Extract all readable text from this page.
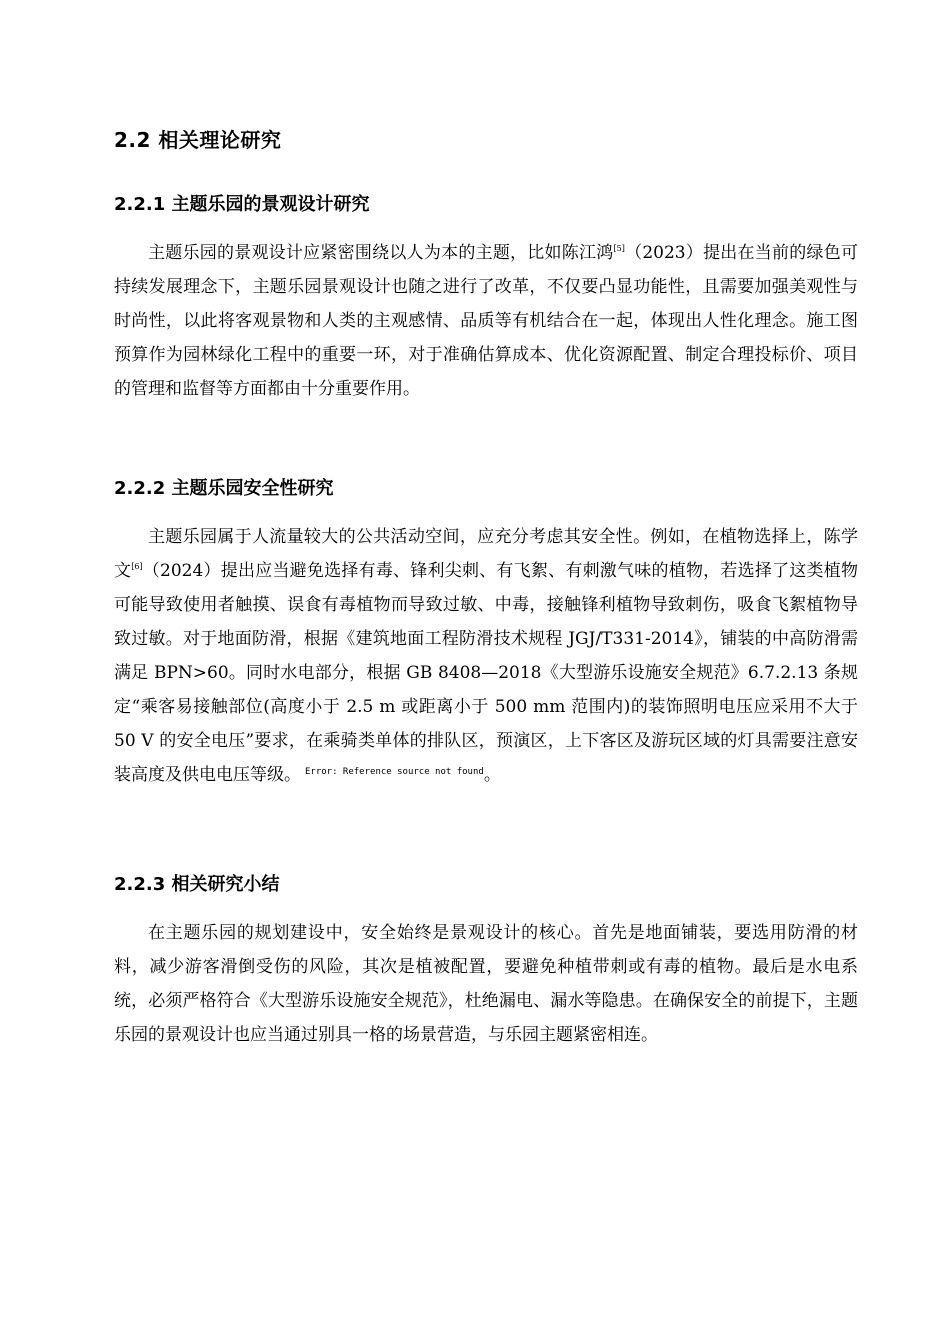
2.2 相关理论研究
2.2.1 主题乐园的景观设计研究

主题乐园的景观设计应紧密围绕以人为本的主题，比如陈江鸿[5]（2023）提出在当前的绿色可持续发展理念下，主题乐园景观设计也随之进行了改革，不仅要凸显功能性，且需要加强美观性与时尚性，以此将客观景物和人类的主观感情、品质等有机结合在一起，体现出人性化理念。施工图预算作为园林绿化工程中的重要一环，对于准确估算成本、优化资源配置、制定合理投标价、项目的管理和监督等方面都由十分重要作用。

2.2.2 主题乐园安全性研究

主题乐园属于人流量较大的公共活动空间，应充分考虑其安全性。例如，在植物选择上，陈学文[6]（2024）提出应当避免选择有毒、锋利尖刺、有飞絮、有刺激气味的植物，若选择了这类植物可能导致使用者触摸、误食有毒植物而导致过敏、中毒，接触锋利植物导致刺伤，吸食飞絮植物导致过敏。对于地面防滑，根据《建筑地面工程防滑技术规程 JGJ/T331-2014》，铺装的中高防滑需满足 BPN>60。同时水电部分，根据 GB 8408—2018《大型游乐设施安全规范》6.7.2.13 条规定“乘客易接触部位(高度小于 2.5 m 或距离小于 500 mm 范围内)的装饰照明电压应采用不大于 50 V 的安全电压”要求，在乘骑类单体的排队区，预演区，上下客区及游玩区域的灯具需要注意安装高度及供电电压等级。 $^{Error: Reference source not found}$。

2.2.3 相关研究小结

在主题乐园的规划建设中，安全始终是景观设计的核心。首先是地面铺装，要选用防滑的材料，减少游客滑倒受伤的风险，其次是植被配置，要避免种植带刺或有毒的植物。最后是水电系统，必须严格符合《大型游乐设施安全规范》，杜绝漏电、漏水等隐患。在确保安全的前提下，主题乐园的景观设计也应当通过别具一格的场景营造，与乐园主题紧密相连。
